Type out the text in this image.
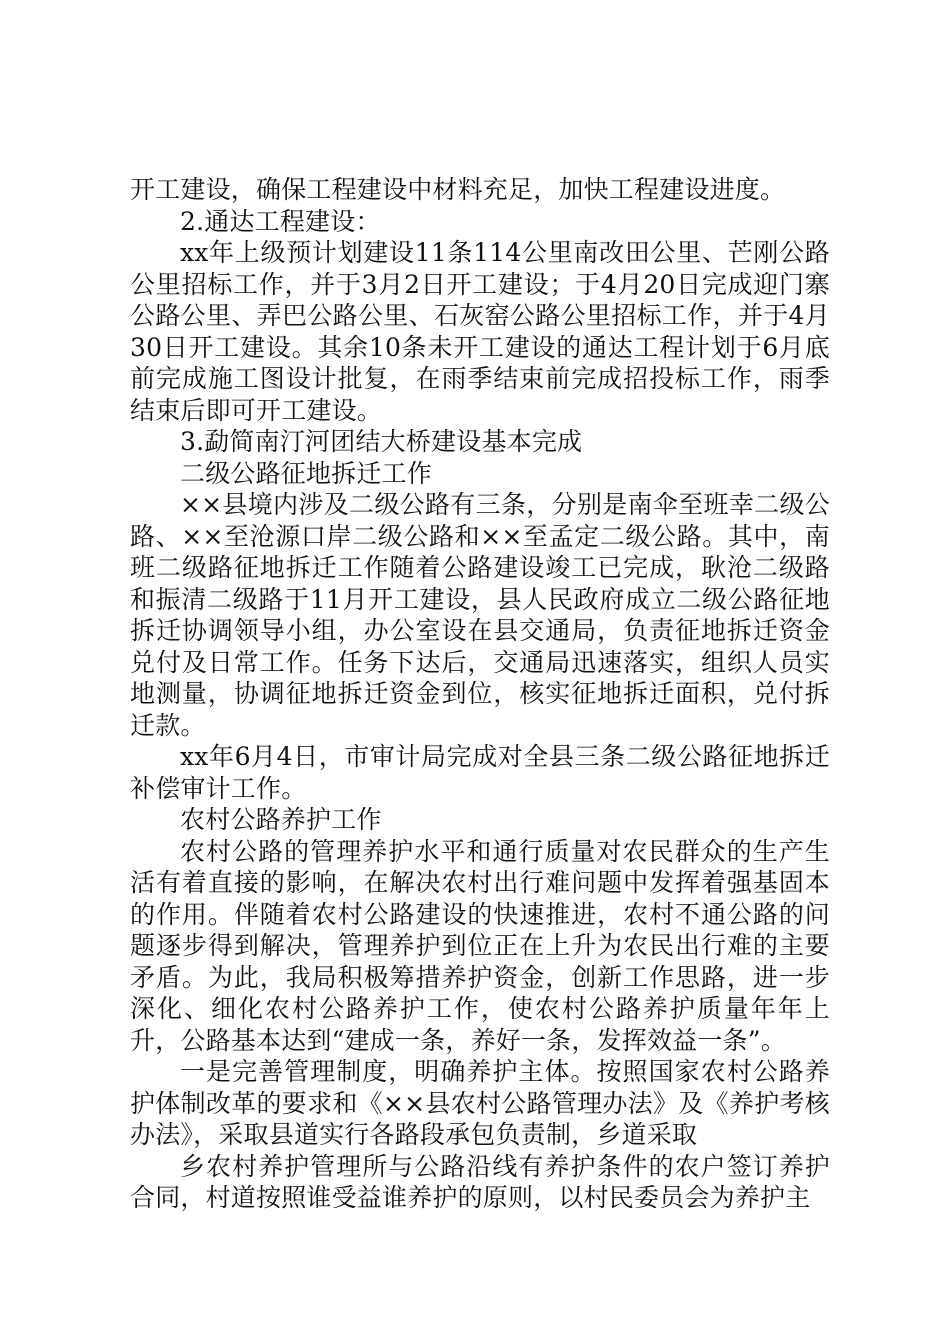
开工建设，确保工程建设中材料充足，加快工程建设进度。

2.通达工程建设：

xx年上级预计划建设11条114公里南改田公里、芒刚公路公里招标工作，并于3月2日开工建设；于4月20日完成迎门寨公路公里、弄巴公路公里、石灰窑公路公里招标工作，并于4月30日开工建设。其余10条未开工建设的通达工程计划于6月底前完成施工图设计批复，在雨季结束前完成招投标工作，雨季结束后即可开工建设。

3.勐简南汀河团结大桥建设基本完成

二级公路征地拆迁工作

××县境内涉及二级公路有三条，分别是南伞至班幸二级公路、××至沧源口岸二级公路和××至孟定二级公路。其中，南班二级路征地拆迁工作随着公路建设竣工已完成，耿沧二级路和振清二级路于11月开工建设，县人民政府成立二级公路征地拆迁协调领导小组，办公室设在县交通局，负责征地拆迁资金兑付及日常工作。任务下达后，交通局迅速落实，组织人员实地测量，协调征地拆迁资金到位，核实征地拆迁面积，兑付拆迁款。

xx年6月4日，市审计局完成对全县三条二级公路征地拆迁补偿审计工作。

农村公路养护工作

农村公路的管理养护水平和通行质量对农民群众的生产生活有着直接的影响，在解决农村出行难问题中发挥着强基固本的作用。伴随着农村公路建设的快速推进，农村不通公路的问题逐步得到解决，管理养护到位正在上升为农民出行难的主要矛盾。为此，我局积极筹措养护资金，创新工作思路，进一步深化、细化农村公路养护工作，使农村公路养护质量年年上升，公路基本达到“建成一条，养好一条，发挥效益一条”。

一是完善管理制度，明确养护主体。按照国家农村公路养护体制改革的要求和《××县农村公路管理办法》及《养护考核办法》，采取县道实行各路段承包负责制，乡道采取

乡农村养护管理所与公路沿线有养护条件的农户签订养护合同，村道按照谁受益谁养护的原则，以村民委员会为养护主
